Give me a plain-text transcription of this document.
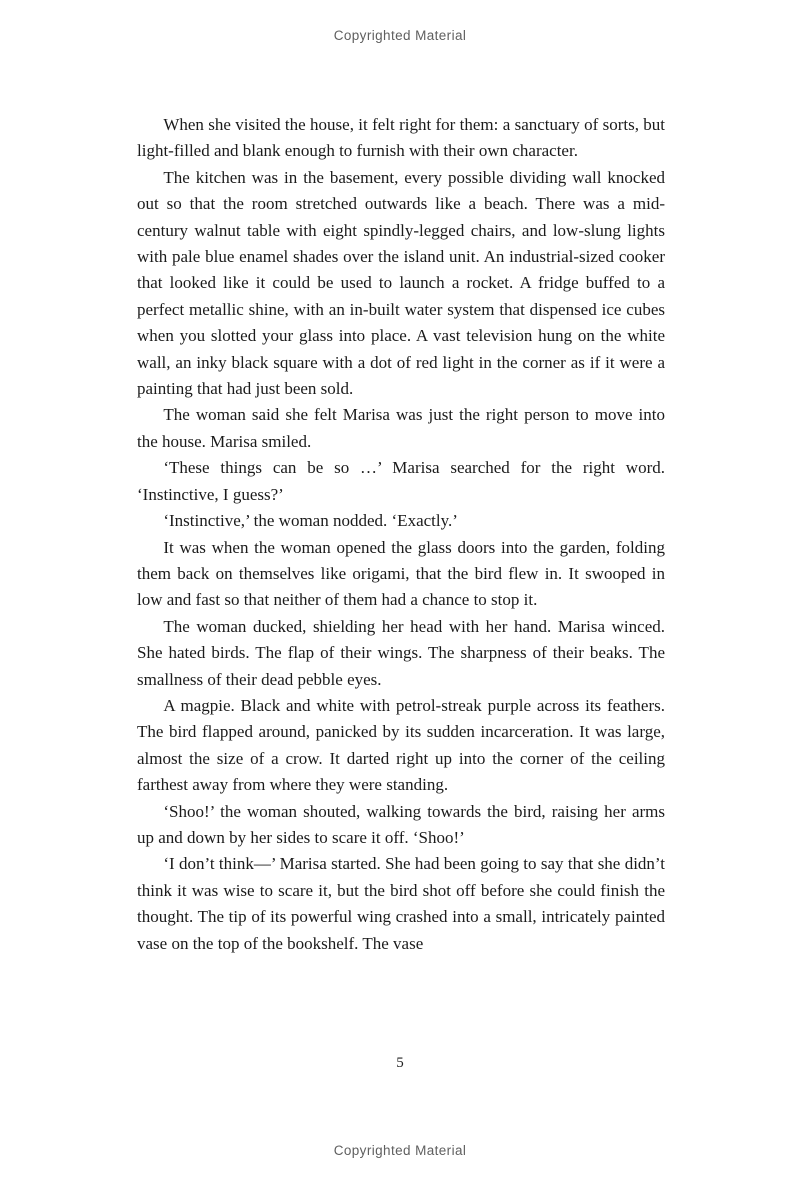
Copyrighted Material

When she visited the house, it felt right for them: a sanctuary of sorts, but light-filled and blank enough to furnish with their own character.

The kitchen was in the basement, every possible dividing wall knocked out so that the room stretched outwards like a beach. There was a mid-century walnut table with eight spindly-legged chairs, and low-slung lights with pale blue enamel shades over the island unit. An industrial-sized cooker that looked like it could be used to launch a rocket. A fridge buffed to a perfect metallic shine, with an in-built water system that dispensed ice cubes when you slotted your glass into place. A vast television hung on the white wall, an inky black square with a dot of red light in the corner as if it were a painting that had just been sold.

The woman said she felt Marisa was just the right person to move into the house. Marisa smiled.

‘These things can be so …’ Marisa searched for the right word. ‘Instinctive, I guess?’

‘Instinctive,’ the woman nodded. ‘Exactly.’

It was when the woman opened the glass doors into the garden, folding them back on themselves like origami, that the bird flew in. It swooped in low and fast so that neither of them had a chance to stop it.

The woman ducked, shielding her head with her hand. Marisa winced. She hated birds. The flap of their wings. The sharpness of their beaks. The smallness of their dead pebble eyes.

A magpie. Black and white with petrol-streak purple across its feathers. The bird flapped around, panicked by its sudden incarceration. It was large, almost the size of a crow. It darted right up into the corner of the ceiling farthest away from where they were standing.

‘Shoo!’ the woman shouted, walking towards the bird, raising her arms up and down by her sides to scare it off. ‘Shoo!’

‘I don’t think—’ Marisa started. She had been going to say that she didn’t think it was wise to scare it, but the bird shot off before she could finish the thought. The tip of its powerful wing crashed into a small, intricately painted vase on the top of the bookshelf. The vase

5
Copyrighted Material
